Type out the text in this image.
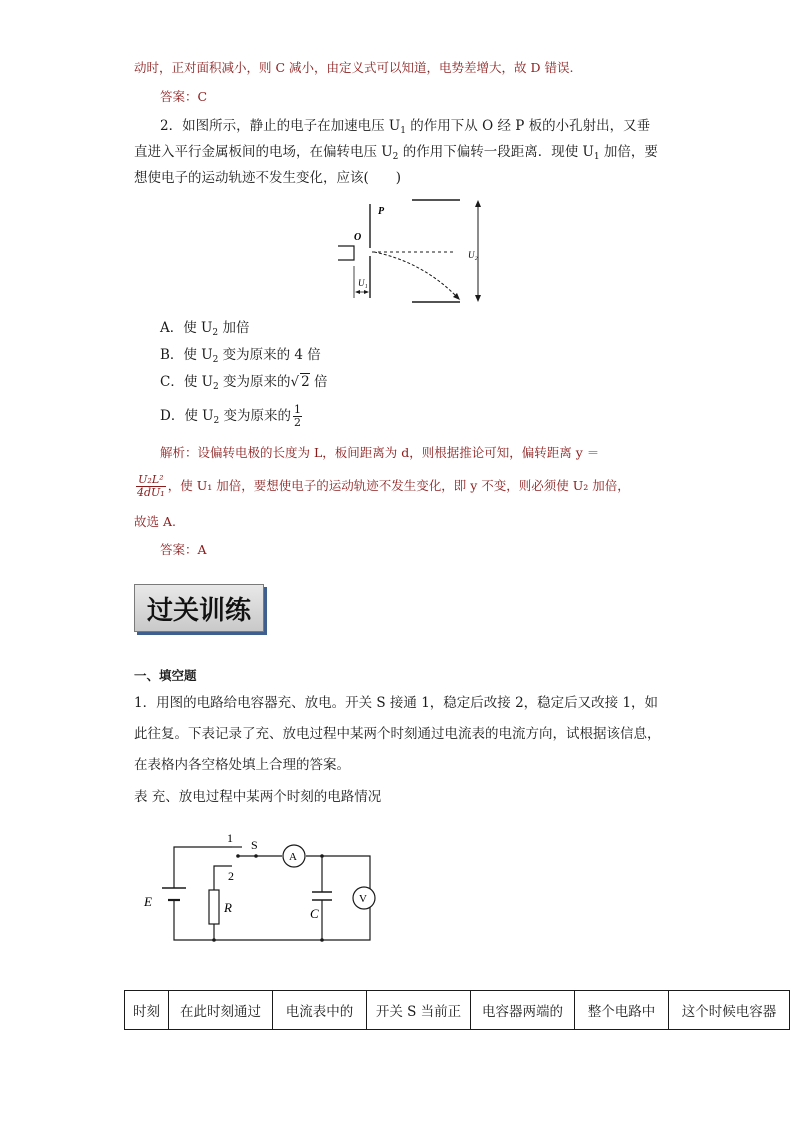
动时，正对面积减小，则 C 减小，由定义式可以知道，电势差增大，故 D 错误.
答案：C
2．如图所示，静止的电子在加速电压 $U_1$ 的作用下从 O 经 P 板的小孔射出，又垂
直进入平行金属板间的电场，在偏转电压 $U_2$ 的作用下偏转一段距离．现使 $U_1$ 加倍，要
想使电子的运动轨迹不发生变化，应该(　　)
P
O
U₁
U₂
A．使 $U_2$ 加倍
B．使 $U_2$ 变为原来的 4 倍
C．使 $U_2$ 变为原来的√ 2 倍
D．使 $U_2$ 变为原来的 $\frac{1}{2}$
解析：设偏转电极的长度为 L，板间距离为 d，则根据推论可知，偏转距离 y ＝
$\frac{\text{U₂L²}}{\text{4dU₁}}$ ，使 U₁ 加倍，要想使电子的运动轨迹不发生变化，即 y 不变，则必须使 U₂ 加倍，
故选 A.
答案：A
过关训练
一、填空题
1．用图的电路给电容器充、放电。开关 S 接通 1，稳定后改接 2，稳定后又改接 1，如
此往复。下表记录了充、放电过程中某两个时刻通过电流表的电流方向，试根据该信息，
在表格内各空格处填上合理的答案。
表 充、放电过程中某两个时刻的电路情况
1
2
S
A
V
E	R	C
时刻	在此时刻通过	电流表中的	开关 S 当前正	电容器两端的	整个电路中	这个时候电容器
